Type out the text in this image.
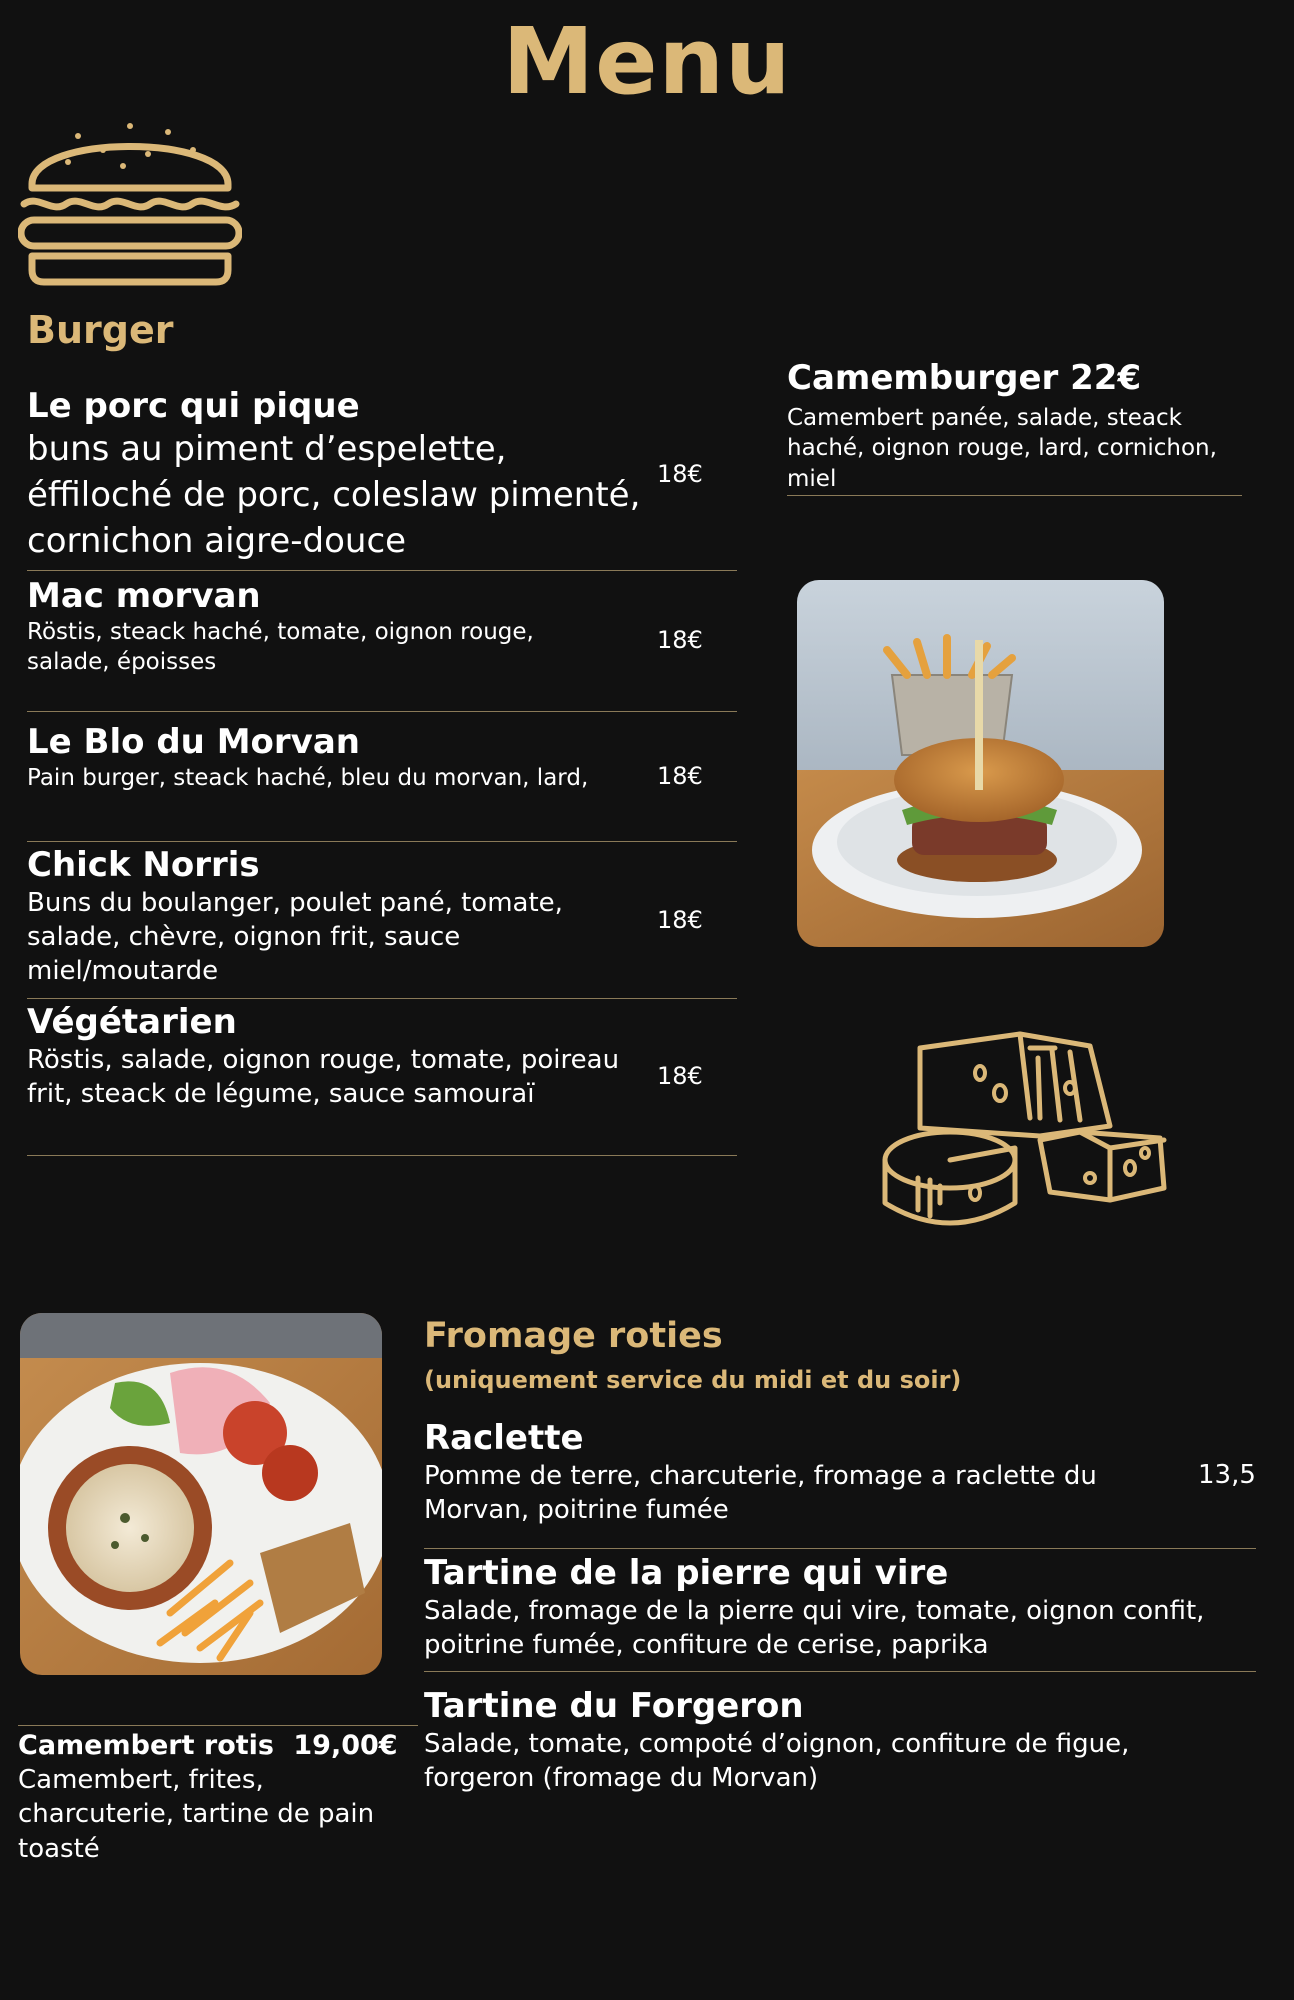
Menu
Burger
Le porc qui pique
buns au piment d’espelette, éffiloché de porc, coleslaw pimenté, cornichon aigre-douce
18€
Mac morvan
Röstis, steack haché, tomate, oignon rouge, salade, époisses
18€
Le Blo du Morvan
Pain burger, steack haché, bleu du morvan, lard,	18€
Chick Norris
Buns du boulanger, poulet pané, tomate, salade, chèvre, oignon frit, sauce miel/moutarde
18€
Végétarien
Röstis, salade, oignon rouge, tomate, poireau frit, steack de légume, sauce samouraï
18€
Camemburger 22€
Camembert panée, salade, steack haché, oignon rouge, lard, cornichon, miel
Camembert rotis 19,00€
Camembert, frites, charcuterie, tartine de pain toasté
Fromage roties
(uniquement service du midi et du soir)
Raclette
Pomme de terre, charcuterie, fromage a raclette du Morvan, poitrine fumée
13,5
Tartine de la pierre qui vire
Salade, fromage de la pierre qui vire, tomate, oignon confit, poitrine fumée, confiture de cerise, paprika
Tartine du Forgeron
Salade, tomate, compoté d’oignon, confiture de figue, forgeron (fromage du Morvan)
